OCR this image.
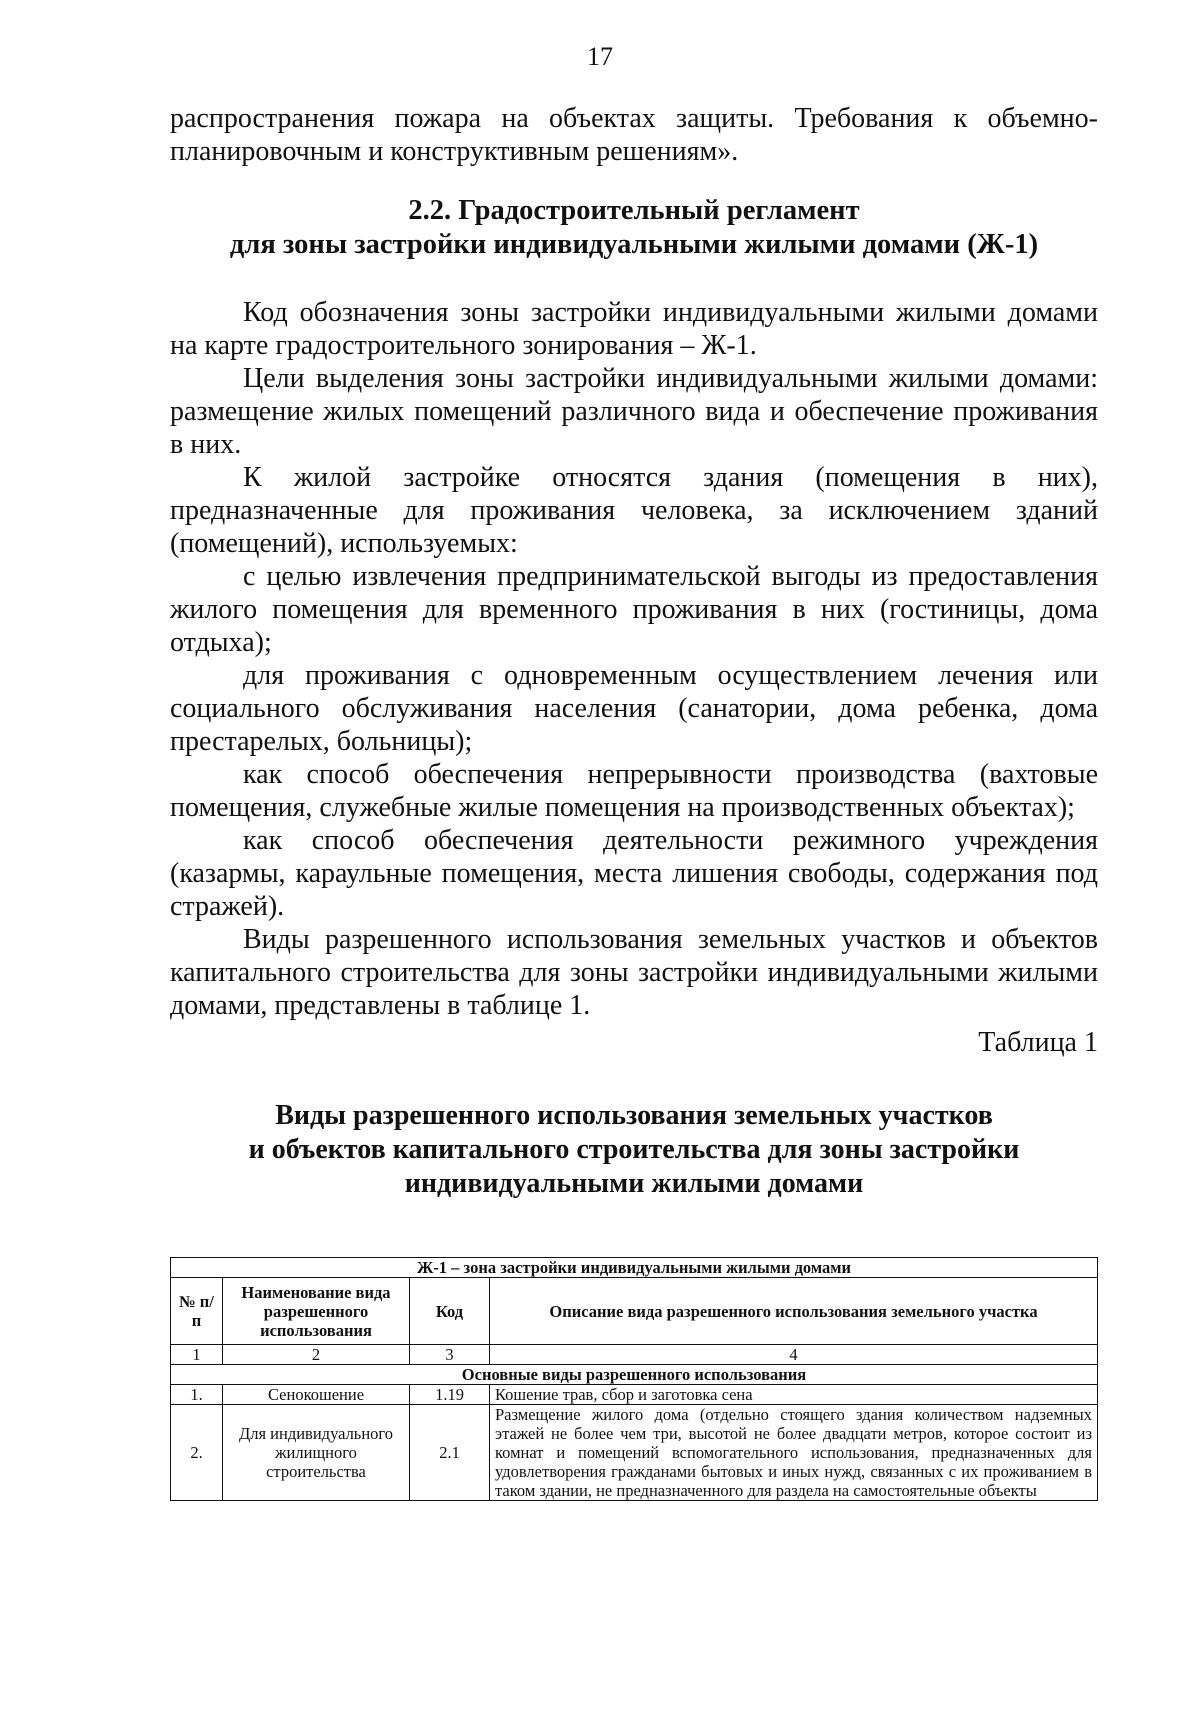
17

распространения пожара на объектах защиты. Требования к объемно-планировочным и конструктивным решениям».

2.2. Градостроительный регламент
для зоны застройки индивидуальными жилыми домами (Ж-1)

Код обозначения зоны застройки индивидуальными жилыми домами на карте градостроительного зонирования – Ж-1.

Цели выделения зоны застройки индивидуальными жилыми домами: размещение жилых помещений различного вида и обеспечение проживания в них.

К жилой застройке относятся здания (помещения в них), предназначенные для проживания человека, за исключением зданий (помещений), используемых:

с целью извлечения предпринимательской выгоды из предоставления жилого помещения для временного проживания в них (гостиницы, дома отдыха);

для проживания с одновременным осуществлением лечения или социального обслуживания населения (санатории, дома ребенка, дома престарелых, больницы);

как способ обеспечения непрерывности производства (вахтовые помещения, служебные жилые помещения на производственных объектах);

как способ обеспечения деятельности режимного учреждения (казармы, караульные помещения, места лишения свободы, содержания под стражей).

Виды разрешенного использования земельных участков и объектов капитального строительства для зоны застройки индивидуальными жилыми домами, представлены в таблице 1.

Таблица 1

Виды разрешенного использования земельных участков
и объектов капитального строительства для зоны застройки
индивидуальными жилыми домами
Ж-1 – зона застройки индивидуальными жилыми домами			
№ п/п	Наименование вида разрешенного использования	Код	Описание вида разрешенного использования земельного участка
1	2	3	4
Основные виды разрешенного использования			
1.	Сенокошение	1.19	Кошение трав, сбор и заготовка сена
2.	Для индивидуального жилищного строительства	2.1	Размещение жилого дома (отдельно стоящего здания количеством надземных этажей не более чем три, высотой не более двадцати метров, которое состоит из комнат и помещений вспомогательного использования, предназначенных для удовлетворения гражданами бытовых и иных нужд, связанных с их проживанием в таком здании, не предназначенного для раздела на самостоятельные объекты
